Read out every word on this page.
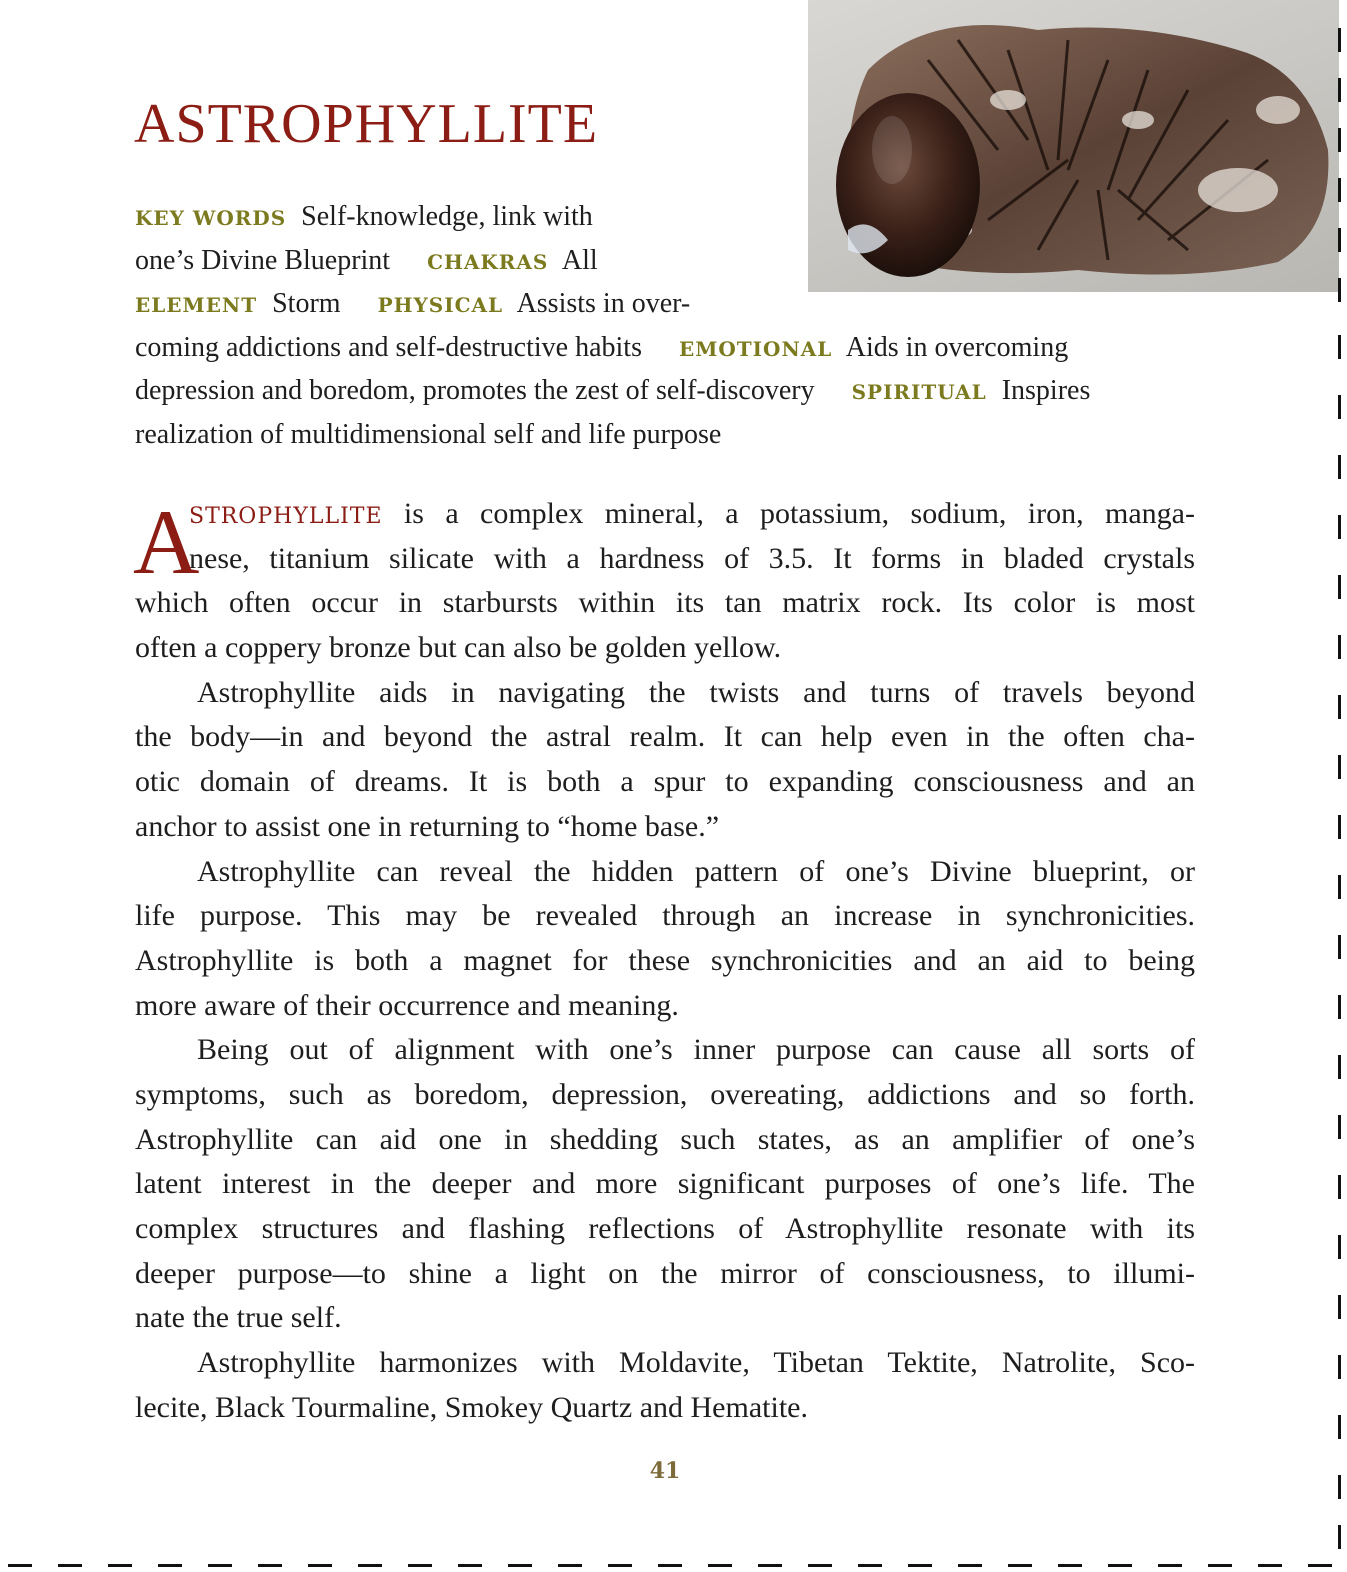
ASTROPHYLLITE
KEY WORDS Self-knowledge, link with
one’s Divine Blueprint CHAKRAS All
ELEMENT Storm PHYSICAL Assists in over-
coming addictions and self-destructive habits EMOTIONAL Aids in overcoming
depression and boredom, promotes the zest of self-discovery SPIRITUAL Inspires
realization of multidimensional self and life purpose
A
STROPHYLLITE is a complex mineral, a potassium, sodium, iron, manga-
nese, titanium silicate with a hardness of 3.5. It forms in bladed crystals
which often occur in starbursts within its tan matrix rock. Its color is most
often a coppery bronze but can also be golden yellow.
Astrophyllite aids in navigating the twists and turns of travels beyond
the body—in and beyond the astral realm. It can help even in the often cha-
otic domain of dreams. It is both a spur to expanding consciousness and an
anchor to assist one in returning to “home base.”
Astrophyllite can reveal the hidden pattern of one’s Divine blueprint, or
life purpose. This may be revealed through an increase in synchronicities.
Astrophyllite is both a magnet for these synchronicities and an aid to being
more aware of their occurrence and meaning.
Being out of alignment with one’s inner purpose can cause all sorts of
symptoms, such as boredom, depression, overeating, addictions and so forth.
Astrophyllite can aid one in shedding such states, as an amplifier of one’s
latent interest in the deeper and more significant purposes of one’s life. The
complex structures and flashing reflections of Astrophyllite resonate with its
deeper purpose—to shine a light on the mirror of consciousness, to illumi-
nate the true self.
Astrophyllite harmonizes with Moldavite, Tibetan Tektite, Natrolite, Sco-
lecite, Black Tourmaline, Smokey Quartz and Hematite.
41
